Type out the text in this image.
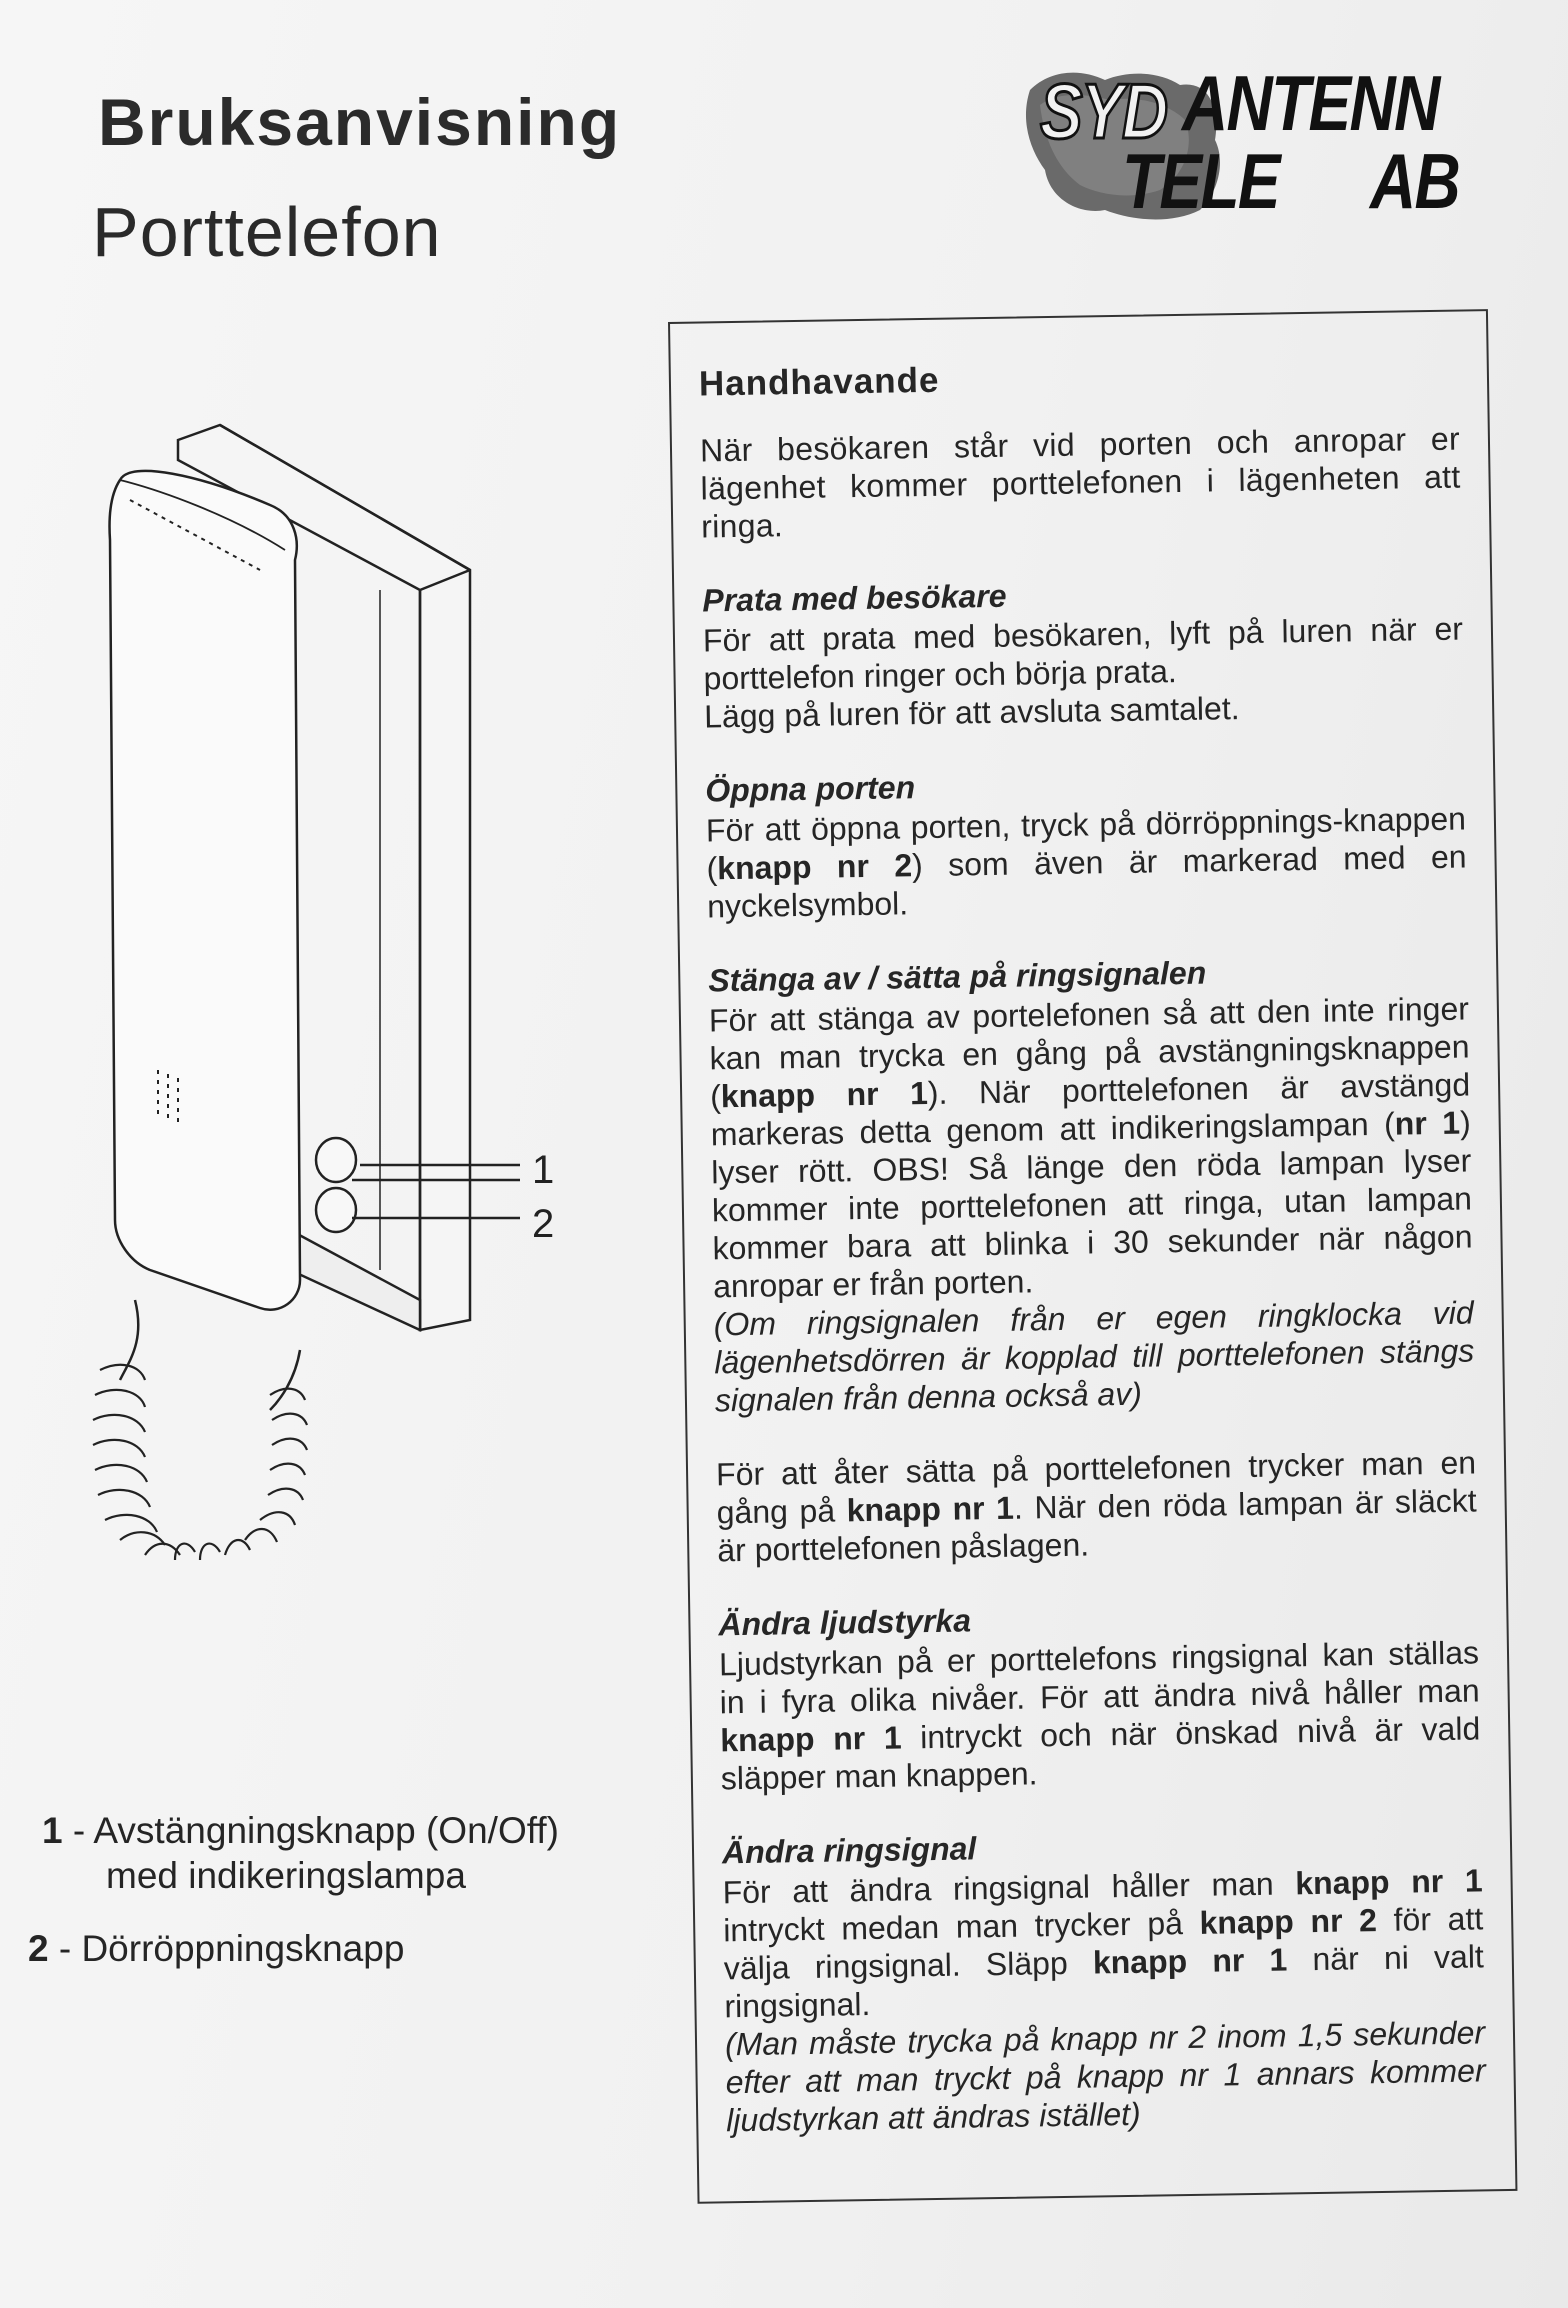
Bruksanvisning
Porttelefon
SYD ANTENN
TELE AB
1
2
1 - Avstängningsknapp (On/Off)
med indikeringslampa
2 - Dörröppningsknapp
Handhavande

När besökaren står vid porten och anropar er lägenhet kommer porttelefonen i lägenheten att ringa.

Prata med besökare

För att prata med besökaren, lyft på luren när er porttelefon ringer och börja prata.

Lägg på luren för att avsluta samtalet.

Öppna porten

För att öppna porten, tryck på dörröppnings-knappen (knapp nr 2) som även är markerad med en nyckelsymbol.

Stänga av / sätta på ringsignalen

För att stänga av portelefonen så att den inte ringer kan man trycka en gång på avstängningsknappen (knapp nr 1). När porttelefonen är avstängd markeras detta genom att indikeringslampan (nr 1) lyser rött. OBS! Så länge den röda lampan lyser kommer inte porttelefonen att ringa, utan lampan kommer bara att blinka i 30 sekunder när någon anropar er från porten.

(Om ringsignalen från er egen ringklocka vid lägenhetsdörren är kopplad till porttelefonen stängs signalen från denna också av)

För att åter sätta på porttelefonen trycker man en gång på knapp nr 1. När den röda lampan är släckt är porttelefonen påslagen.

Ändra ljudstyrka

Ljudstyrkan på er porttelefons ringsignal kan ställas in i fyra olika nivåer. För att ändra nivå håller man knapp nr 1 intryckt och när önskad nivå är vald släpper man knappen.

Ändra ringsignal

För att ändra ringsignal håller man knapp nr 1 intryckt medan man trycker på knapp nr 2 för att välja ringsignal. Släpp knapp nr 1 när ni valt ringsignal.

(Man måste trycka på knapp nr 2 inom 1,5 sekunder efter att man tryckt på knapp nr 1 annars kommer ljudstyrkan att ändras istället)
